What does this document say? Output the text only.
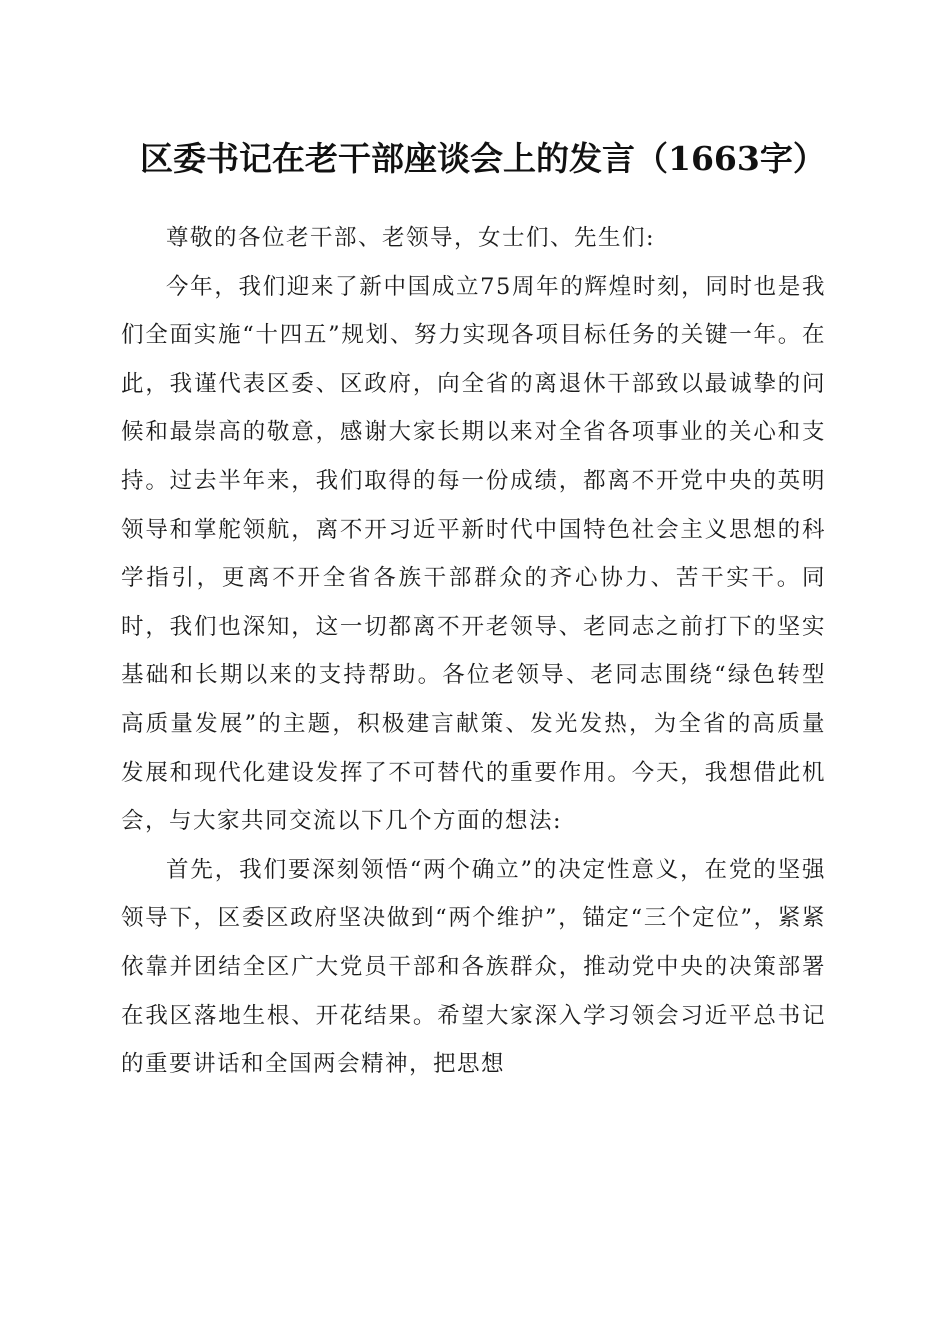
区委书记在老干部座谈会上的发言（1663字）

尊敬的各位老干部、老领导，女士们、先生们:

今年，我们迎来了新中国成立75周年的辉煌时刻，同时也是我们全面实施“十四五”规划、努力实现各项目标任务的关键一年。在此，我谨代表区委、区政府，向全省的离退休干部致以最诚挚的问候和最崇高的敬意，感谢大家长期以来对全省各项事业的关心和支持。过去半年来，我们取得的每一份成绩，都离不开党中央的英明领导和掌舵领航，离不开习近平新时代中国特色社会主义思想的科学指引，更离不开全省各族干部群众的齐心协力、苦干实干。同时，我们也深知，这一切都离不开老领导、老同志之前打下的坚实基础和长期以来的支持帮助。各位老领导、老同志围绕“绿色转型高质量发展”的主题，积极建言献策、发光发热，为全省的高质量发展和现代化建设发挥了不可替代的重要作用。今天，我想借此机会，与大家共同交流以下几个方面的想法:

首先，我们要深刻领悟“两个确立”的决定性意义，在党的坚强领导下，区委区政府坚决做到“两个维护”，锚定“三个定位”，紧紧依靠并团结全区广大党员干部和各族群众，推动党中央的决策部署在我区落地生根、开花结果。希望大家深入学习领会习近平总书记的重要讲话和全国两会精神，把思想
